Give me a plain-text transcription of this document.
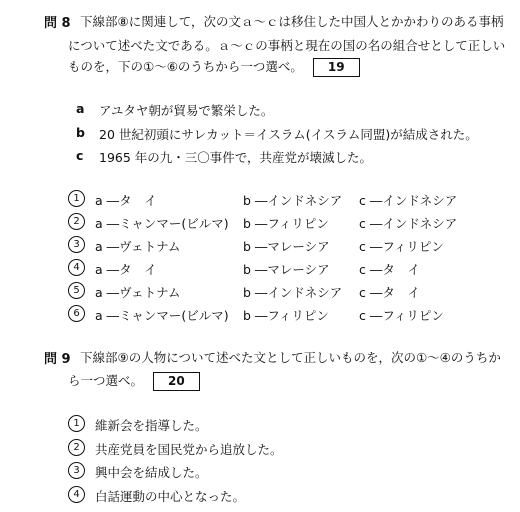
問 8 下線部⑧に関連して，次の文ａ～ｃは移住した中国人とかかわりのある事柄
について述べた文である。ａ～ｃの事柄と現在の国の名の組合せとして正しい
ものを，下の①～⑥のうちから一つ選べ。 19
a アユタヤ朝が貿易で繁栄した。
b 20 世紀初頭にサレカット＝イスラム(イスラム同盟)が結成された。
c 1965 年の九・三〇事件で，共産党が壊滅した。
1	a ―タ　イ	b ―インドネシア c ―インドネシア
2	a ―ミャンマー(ビルマ) b ―フィリピン c ―インドネシア
3	a ―ヴェトナム	b ―マレーシア c ―フィリピン
4	a ―タ　イ	b ―マレーシア c ―タ　イ
5	a ―ヴェトナム	b ―インドネシア c ―タ　イ
6	a ―ミャンマー(ビルマ) b ―フィリピン c ―フィリピン
問 9 下線部⑨の人物について述べた文として正しいものを，次の①～④のうちか
ら一つ選べ。 20
1	維新会を指導した。
2	共産党員を国民党から追放した。
3	興中会を結成した。
4	白話運動の中心となった。
